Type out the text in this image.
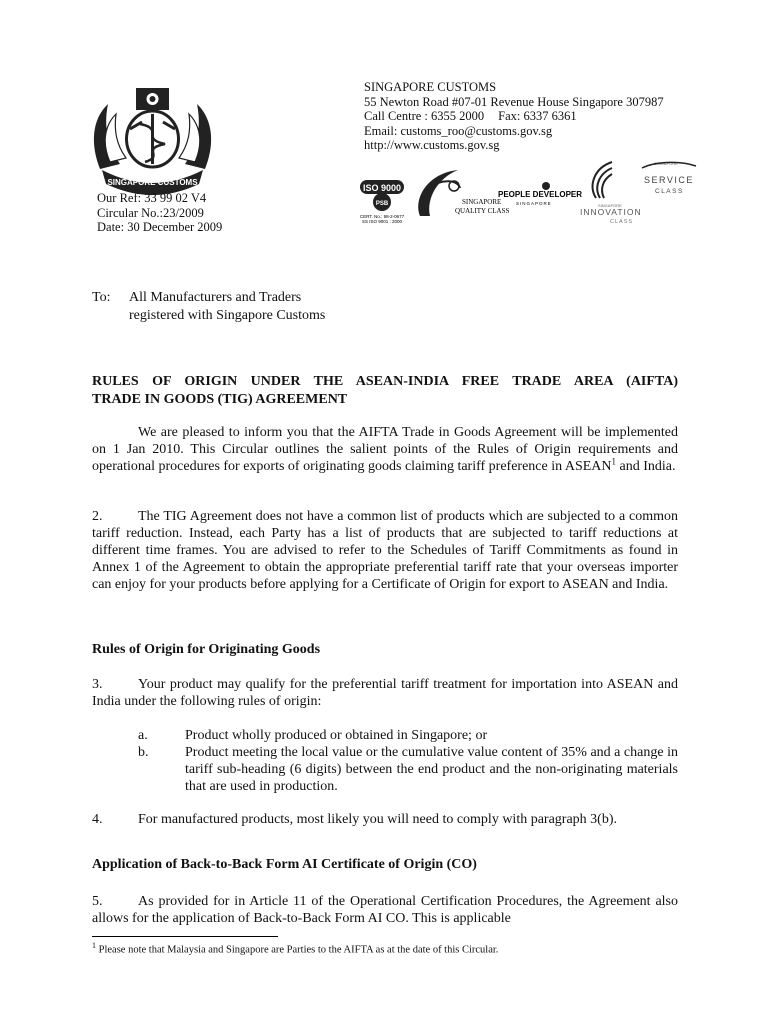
SINGAPORE CUSTOMS
SINGAPORE CUSTOMS
55 Newton Road #07-01 Revenue House Singapore 307987
Call Centre : 6355 2000 Fax: 6337 6361
Email: customs_roo@customs.gov.sg
http://www.customs.gov.sg
ISO 9000
PSB
CERT. No.: 98-2-0677
SS ISO 9001 : 2000
SINGAPORE
QUALITY CLASS
PEOPLE DEVELOPER
SINGAPORE	SINGAPORE
INNOVATION
CLASS
SINGAPORE
SERVICE
CLASS
Our Ref: 33 99 02 V4
Circular No.:23/2009
Date: 30 December 2009
To: All Manufacturers and Traders
registered with Singapore Customs
RULES OF ORIGIN UNDER THE ASEAN-INDIA FREE TRADE AREA (AIFTA)
TRADE IN GOODS (TIG) AGREEMENT
We are pleased to inform you that the AIFTA Trade in Goods Agreement will be implemented on 1 Jan 2010. This Circular outlines the salient points of the Rules of Origin requirements and operational procedures for exports of originating goods claiming tariff preference in ASEAN$^1$ and India.
2.	The TIG Agreement does not have a common list of products which are subjected to a common tariff reduction. Instead, each Party has a list of products that are subjected to tariff reductions at different time frames. You are advised to refer to the Schedules of Tariff Commitments as found in Annex 1 of the Agreement to obtain the appropriate preferential tariff rate that your overseas importer can enjoy for your products before applying for a Certificate of Origin for export to ASEAN and India.
Rules of Origin for Originating Goods
3.	Your product may qualify for the preferential tariff treatment for importation into ASEAN and India under the following rules of origin:
a.	Product wholly produced or obtained in Singapore; or
b.	Product meeting the local value or the cumulative value content of 35% and a change in tariff sub-heading (6 digits) between the end product and the non-originating materials that are used in production.
4.	For manufactured products, most likely you will need to comply with paragraph 3(b).
Application of Back-to-Back Form AI Certificate of Origin (CO)
5.	As provided for in Article 11 of the Operational Certification Procedures, the Agreement also allows for the application of Back-to-Back Form AI CO. This is applicable
$^1$ Please note that Malaysia and Singapore are Parties to the AIFTA as at the date of this Circular.
